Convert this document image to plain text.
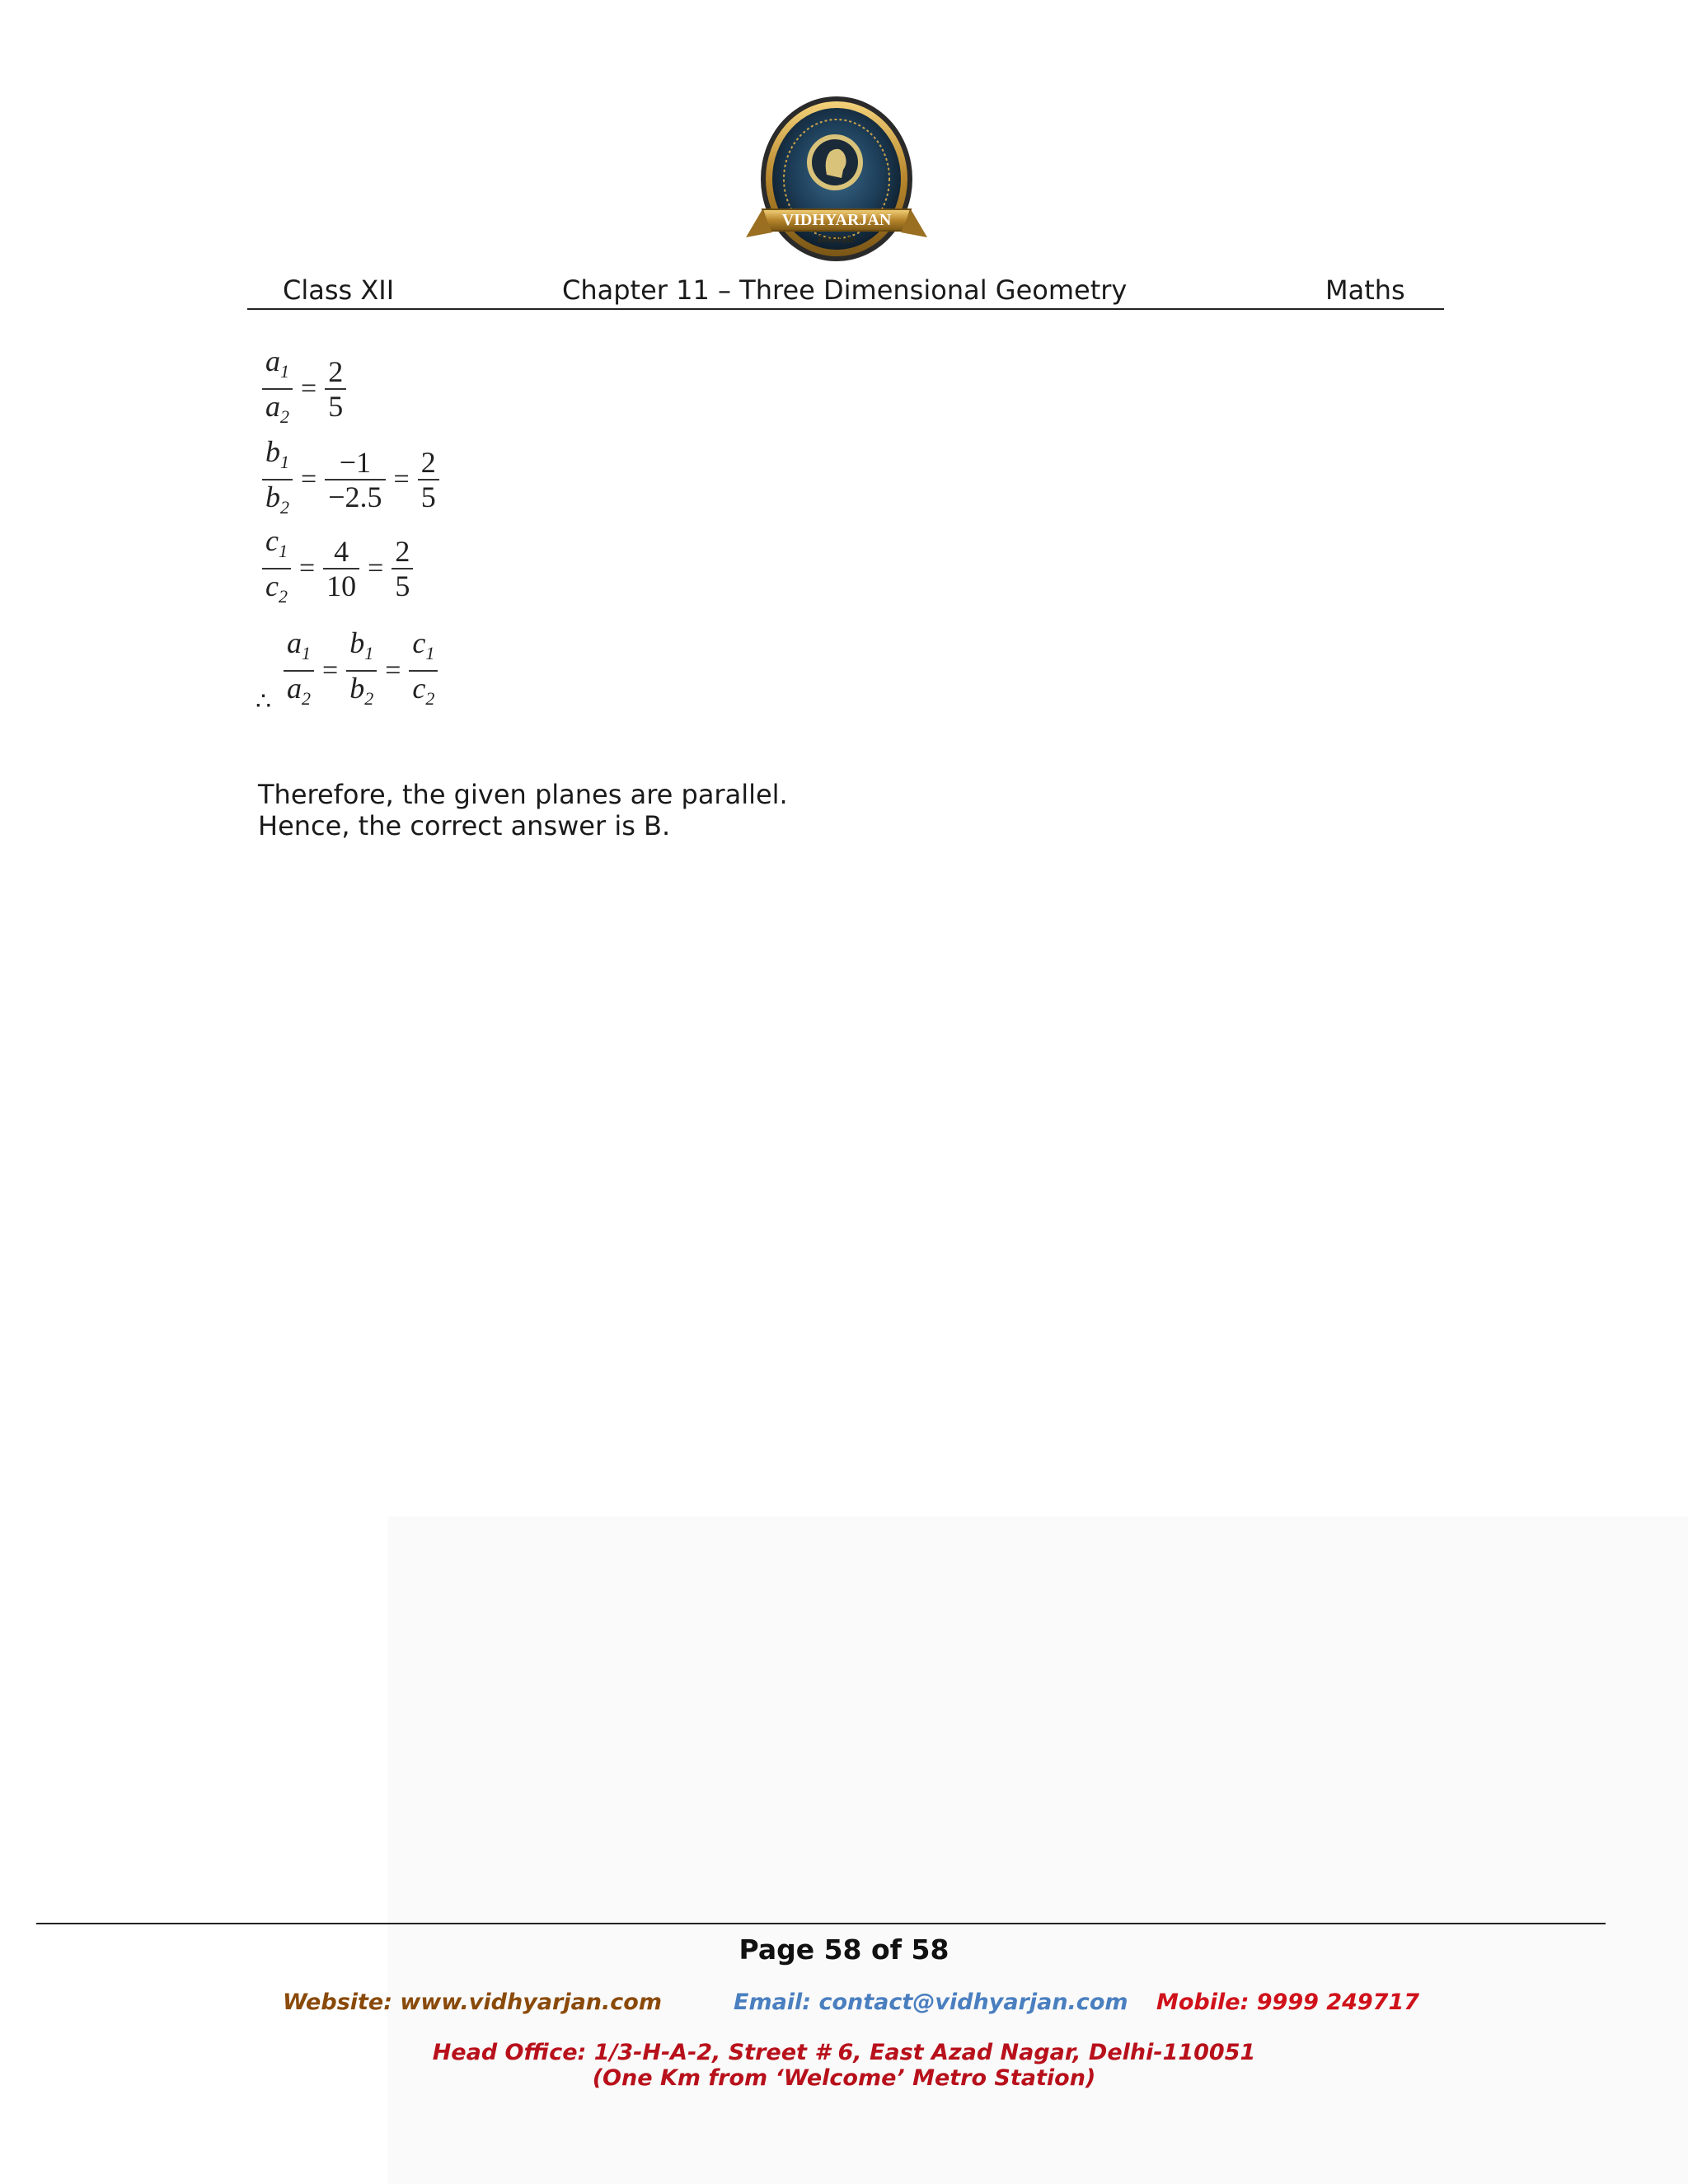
VIDHYARJAN
Institute
Class XII	Chapter 11 – Three Dimensional Geometry	Maths
$\frac{a_1}{a_2} = \frac{2}{5}$
$\frac{b_1}{b_2} = \frac{-1}{-2.5} = \frac{2}{5}$
$\frac{c_1}{c_2} = \frac{4}{10} = \frac{2}{5}$
∴ $\frac{a_1}{a_2} = \frac{b_1}{b_2} = \frac{c_1}{c_2}$
Therefore, the given planes are parallel.
Hence, the correct answer is B.
Page 58 of 58
Website: www.vidhyarjan.com	Email: contact@vidhyarjan.com Mobile: 9999 249717
Head Office: 1/3-H-A-2, Street # 6, East Azad Nagar, Delhi-110051
(One Km from ‘Welcome’ Metro Station)
